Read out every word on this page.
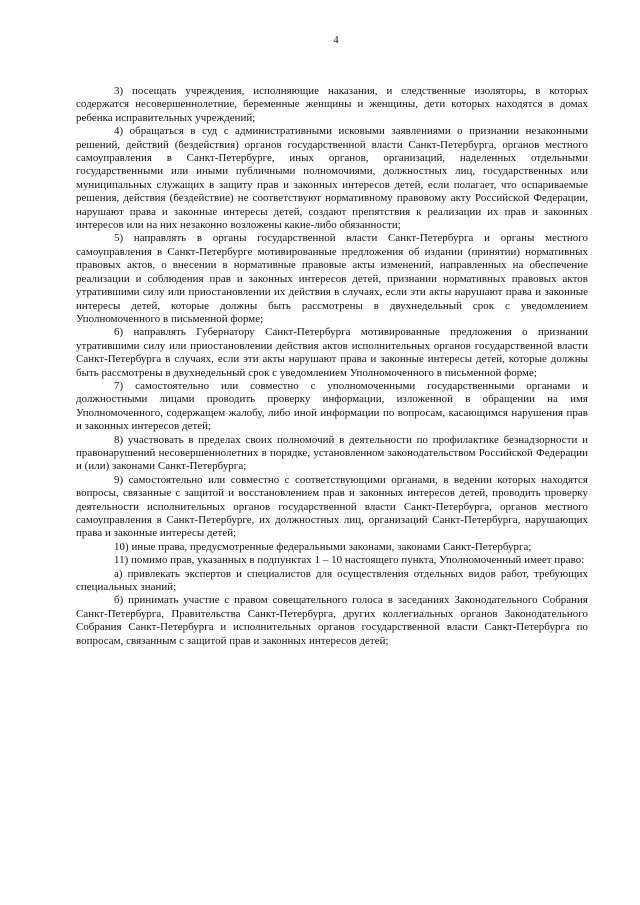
4

3) посещать учреждения, исполняющие наказания, и следственные изоляторы, в которых содержатся несовершеннолетние, беременные женщины и женщины, дети которых находятся в домах ребенка исправительных учреждений;

4) обращаться в суд с административными исковыми заявлениями о признании незаконными решений, действий (бездействия) органов государственной власти Санкт-Петербурга, органов местного самоуправления в Санкт-Петербурге, иных органов, организаций, наделенных отдельными государственными или иными публичными полномочиями, должностных лиц, государственных или муниципальных служащих в защиту прав и законных интересов детей, если полагает, что оспариваемые решения, действия (бездействие) не соответствуют нормативному правовому акту Российской Федерации, нарушают права и законные интересы детей, создают препятствия к реализации их прав и законных интересов или на них незаконно возложены какие-либо обязанности;

5) направлять в органы государственной власти Санкт-Петербурга и органы местного самоуправления в Санкт-Петербурге мотивированные предложения об издании (принятии) нормативных правовых актов, о внесении в нормативные правовые акты изменений, направленных на обеспечение реализации и соблюдения прав и законных интересов детей, признании нормативных правовых актов утратившими силу или приостановлении их действия в случаях, если эти акты нарушают права и законные интересы детей, которые должны быть рассмотрены в двухнедельный срок с уведомлением Уполномоченного в письменной форме;

6) направлять Губернатору Санкт-Петербурга мотивированные предложения о признании утратившими силу или приостановлении действия актов исполнительных органов государственной власти Санкт-Петербурга в случаях, если эти акты нарушают права и законные интересы детей, которые должны быть рассмотрены в двухнедельный срок с уведомлением Уполномоченного в письменной форме;

7) самостоятельно или совместно с уполномоченными государственными органами и должностными лицами проводить проверку информации, изложенной в обращении на имя Уполномоченного, содержащем жалобу, либо иной информации по вопросам, касающимся нарушения прав и законных интересов детей;

8) участвовать в пределах своих полномочий в деятельности по профилактике безнадзорности и правонарушений несовершеннолетних в порядке, установленном законодательством Российской Федерации и (или) законами Санкт-Петербурга;

9) самостоятельно или совместно с соответствующими органами, в ведении которых находятся вопросы, связанные с защитой и восстановлением прав и законных интересов детей, проводить проверку деятельности исполнительных органов государственной власти Санкт-Петербурга, органов местного самоуправления в Санкт-Петербурге, их должностных лиц, организаций Санкт-Петербурга, нарушающих права и законные интересы детей;

10) иные права, предусмотренные федеральными законами, законами Санкт-Петербурга;

11) помимо прав, указанных в подпунктах 1 – 10 настоящего пункта, Уполномоченный имеет право:

а) привлекать экспертов и специалистов для осуществления отдельных видов работ, требующих специальных знаний;

б) принимать участие с правом совещательного голоса в заседаниях Законодательного Собрания Санкт-Петербурга, Правительства Санкт-Петербурга, других коллегиальных органов Законодательного Собрания Санкт-Петербурга и исполнительных органов государственной власти Санкт-Петербурга по вопросам, связанным с защитой прав и законных интересов детей;
